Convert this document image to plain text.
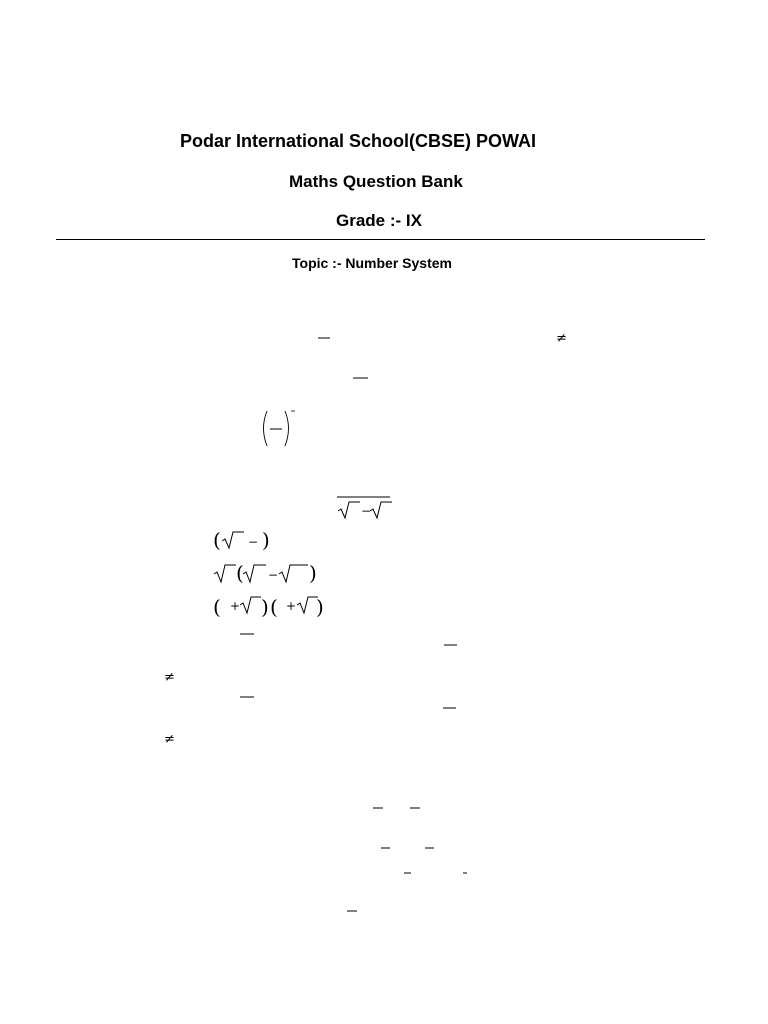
Podar International School(CBSE) POWAI
Maths Question Bank
Grade :- IX
Topic :- Number System
≠
−
( − )
( − )
( + ) ( + )
≠
≠
